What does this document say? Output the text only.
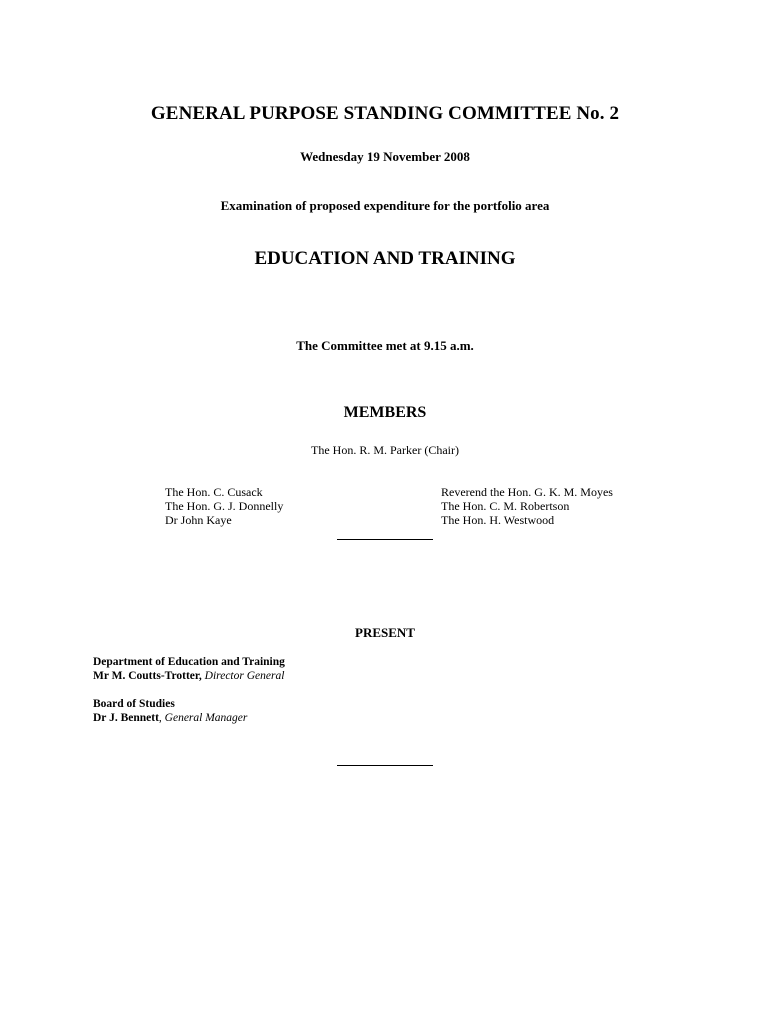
GENERAL PURPOSE STANDING COMMITTEE No. 2
Wednesday 19 November 2008
Examination of proposed expenditure for the portfolio area
EDUCATION AND TRAINING
The Committee met at 9.15 a.m.
MEMBERS
The Hon. R. M. Parker (Chair)
The Hon. C. Cusack
The Hon. G. J. Donnelly
Dr John Kaye
Reverend the Hon. G. K. M. Moyes
The Hon. C. M. Robertson
The Hon. H. Westwood
PRESENT
Department of Education and Training
Mr M. Coutts-Trotter, Director General
Board of Studies
Dr J. Bennett, General Manager
